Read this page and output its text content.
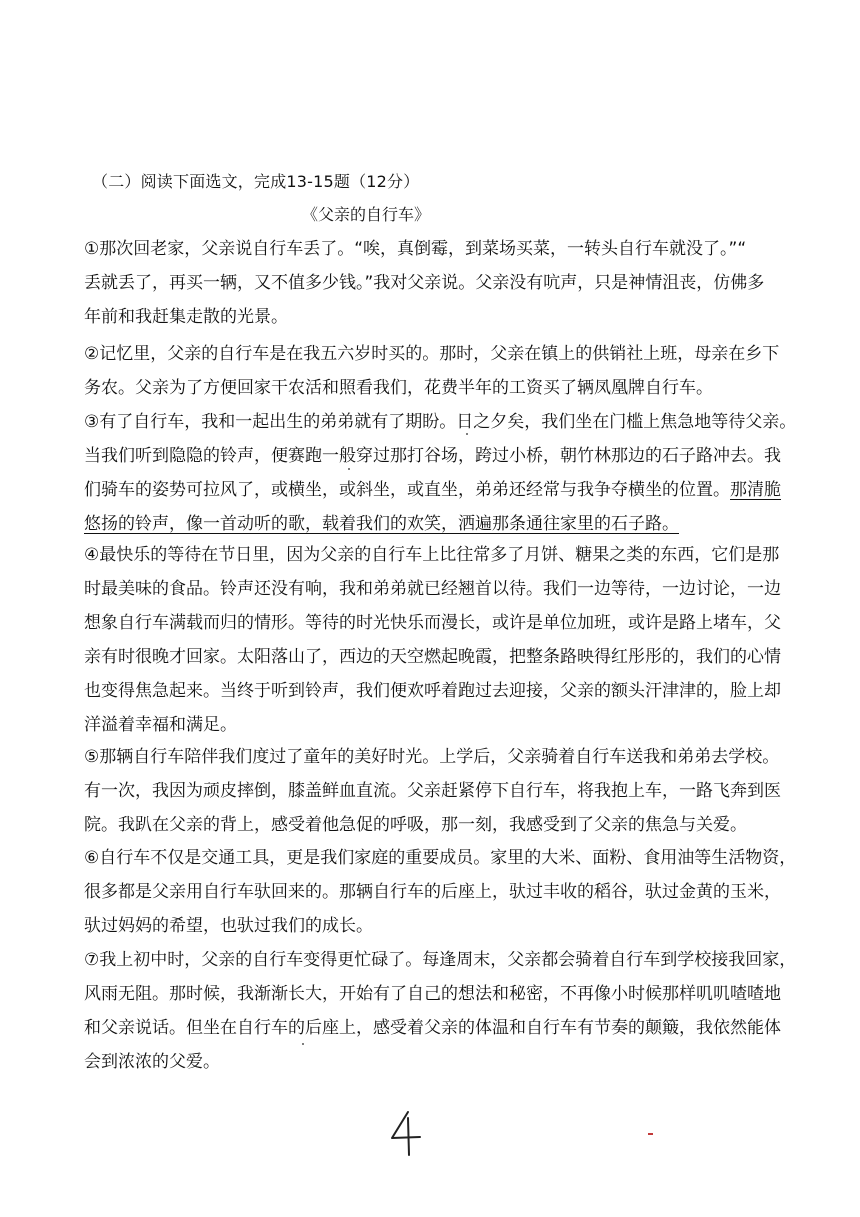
（二）阅读下面选文，完成13-15题（12分）
《父亲的自行车》
①那次回老家，父亲说自行车丢了。“唉，真倒霉，到菜场买菜，一转头自行车就没了。”“
丢就丢了，再买一辆，又不值多少钱。”我对父亲说。父亲没有吭声，只是神情沮丧，仿佛多
年前和我赶集走散的光景。
②记忆里，父亲的自行车是在我五六岁时买的。那时，父亲在镇上的供销社上班，母亲在乡下
务农。父亲为了方便回家干农活和照看我们，花费半年的工资买了辆凤凰牌自行车。
③有了自行车，我和一起出生的弟弟就有了期盼。日之夕矣，我们坐在门槛上焦急地等待父亲。
当我们听到隐隐的铃声，便赛跑一般穿过那打谷场，跨过小桥，朝竹林那边的石子路冲去。我
们骑车的姿势可拉风了，或横坐，或斜坐，或直坐，弟弟还经常与我争夺横坐的位置。那清脆
悠扬的铃声，像一首动听的歌，载着我们的欢笑，洒遍那条通往家里的石子路。
④最快乐的等待在节日里，因为父亲的自行车上比往常多了月饼、糖果之类的东西，它们是那
时最美味的食品。铃声还没有响，我和弟弟就已经翘首以待。我们一边等待，一边讨论，一边
想象自行车满载而归的情形。等待的时光快乐而漫长，或许是单位加班，或许是路上堵车，父
亲有时很晚才回家。太阳落山了，西边的天空燃起晚霞，把整条路映得红彤彤的，我们的心情
也变得焦急起来。当终于听到铃声，我们便欢呼着跑过去迎接，父亲的额头汗津津的，脸上却
洋溢着幸福和满足。
⑤那辆自行车陪伴我们度过了童年的美好时光。上学后，父亲骑着自行车送我和弟弟去学校。
有一次，我因为顽皮摔倒，膝盖鲜血直流。父亲赶紧停下自行车，将我抱上车，一路飞奔到医
院。我趴在父亲的背上，感受着他急促的呼吸，那一刻，我感受到了父亲的焦急与关爱。
⑥自行车不仅是交通工具，更是我们家庭的重要成员。家里的大米、面粉、食用油等生活物资，
很多都是父亲用自行车驮回来的。那辆自行车的后座上，驮过丰收的稻谷，驮过金黄的玉米，
驮过妈妈的希望，也驮过我们的成长。
⑦我上初中时，父亲的自行车变得更忙碌了。每逢周末，父亲都会骑着自行车到学校接我回家，
风雨无阻。那时候，我渐渐长大，开始有了自己的想法和秘密，不再像小时候那样叽叽喳喳地
和父亲说话。但坐在自行车的后座上，感受着父亲的体温和自行车有节奏的颠簸，我依然能体
会到浓浓的父爱。
